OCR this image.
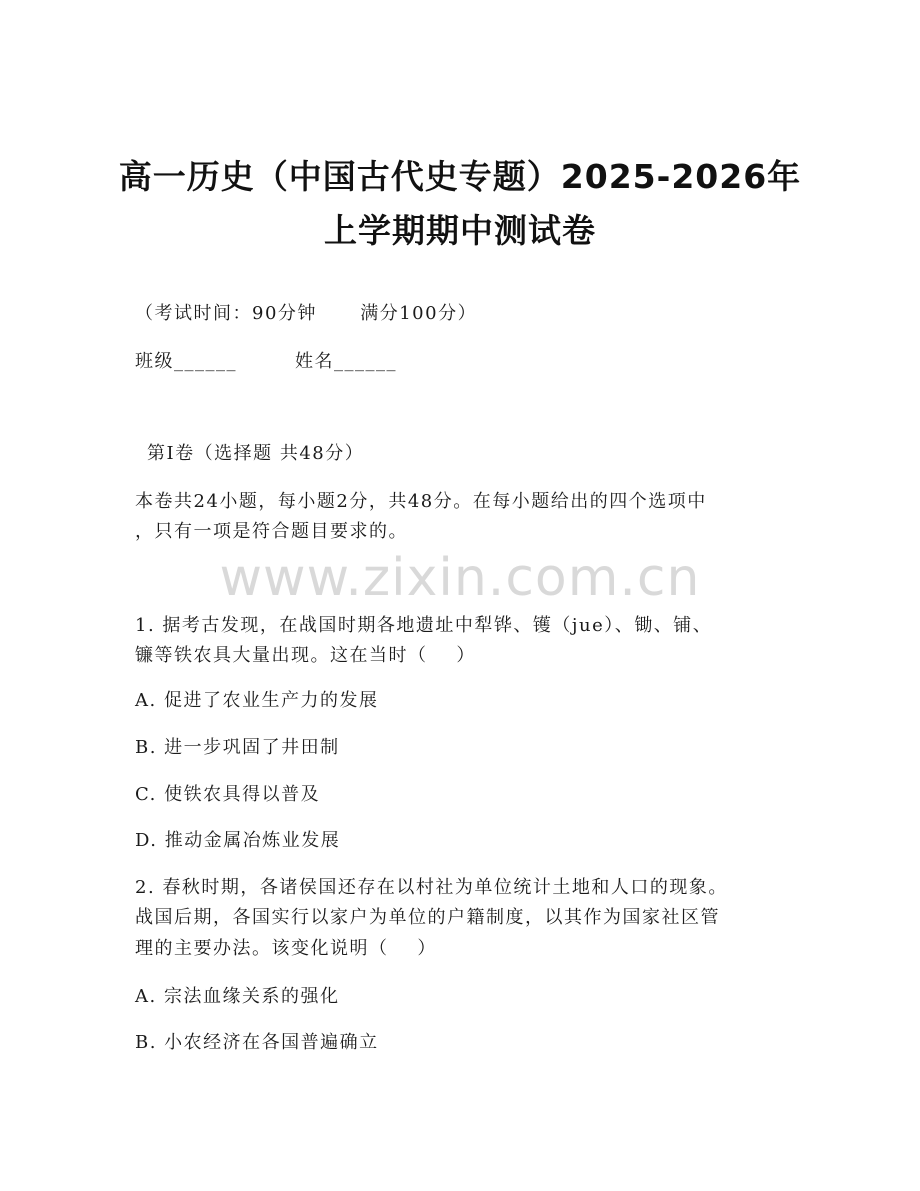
高一历史（中国古代史专题）2025-2026年
上学期期中测试卷
（考试时间：90分钟      满分100分）
班级______	姓名______
第Ⅰ卷（选择题 共48分）
本卷共24小题，每小题2分，共48分。在每小题给出的四个选项中
，只有一项是符合题目要求的。
www.zixin.com.cn
1. 据考古发现，在战国时期各地遗址中犁铧、镬（jue）、锄、铺、
镰等铁农具大量出现。这在当时（    ）
A. 促进了农业生产力的发展
B. 进一步巩固了井田制
C. 使铁农具得以普及
D. 推动金属冶炼业发展
2. 春秋时期，各诸侯国还存在以村社为单位统计土地和人口的现象。
战国后期，各国实行以家户为单位的户籍制度，以其作为国家社区管
理的主要办法。该变化说明（    ）
A. 宗法血缘关系的强化
B. 小农经济在各国普遍确立
